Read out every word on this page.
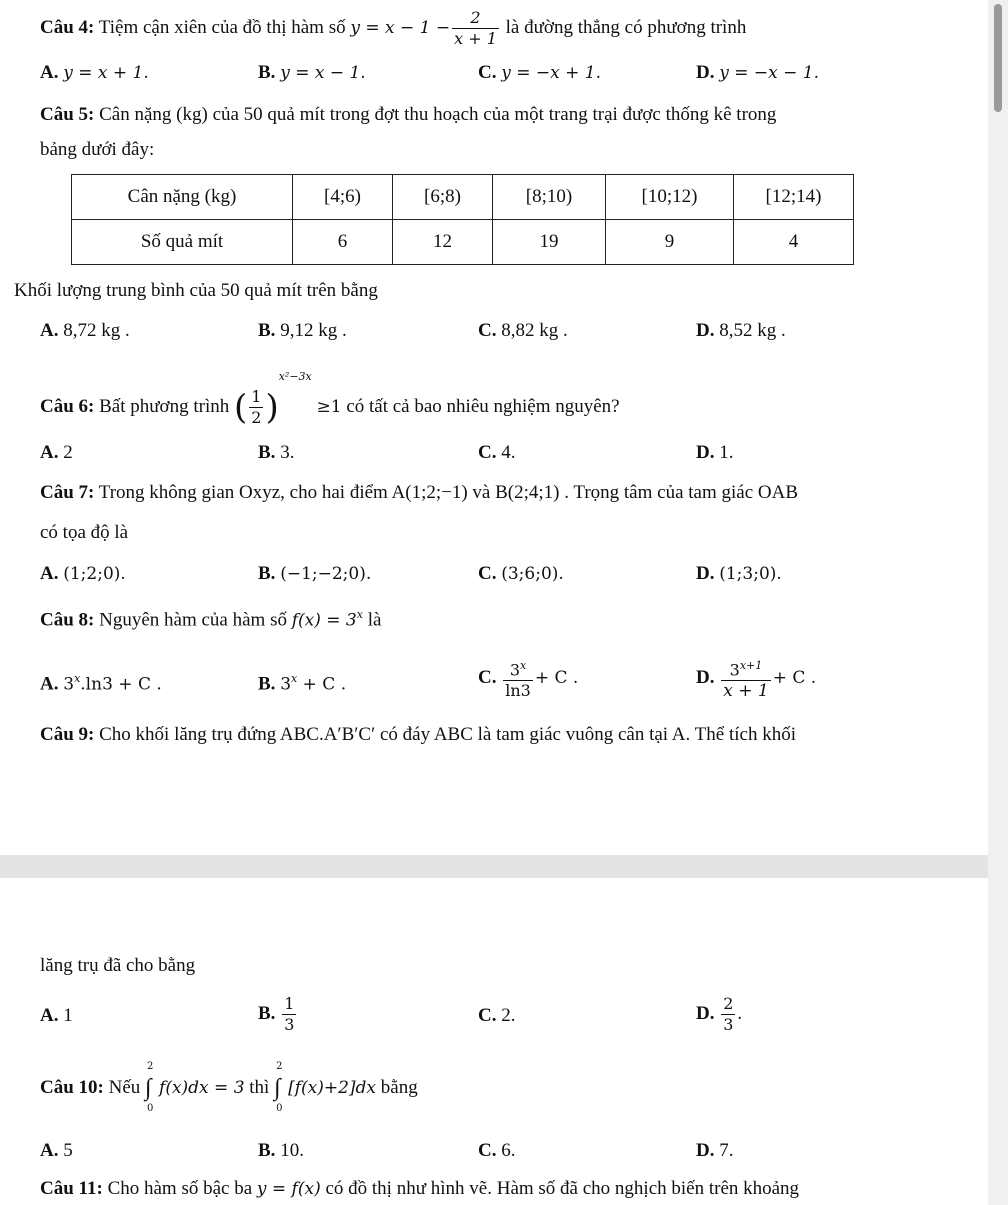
Câu 4: Tiệm cận xiên của đồ thị hàm số $y = x - 1 - \frac{2}{x + 1}$ là đường thẳng có phương trình
A. y = x + 1.	B. y = x − 1.	C. y = −x + 1.	D. y = −x − 1.
Câu 5: Cân nặng (kg) của 50 quả mít trong đợt thu hoạch của một trang trại được thống kê trong
bảng dưới đây:
Cân nặng (kg)	[4;6)	[6;8)	[8;10)	[10;12)	[12;14)
Số quả mít	6	12	19	9	4
Khối lượng trung bình của 50 quả mít trên bằng
A. 8,72 kg .	B. 9,12 kg .	C. 8,82 kg .	D. 8,52 kg .
Câu 6: Bất phương trình ( $\frac{1}{2} )^{x^2-3x} \ge 1$ có tất cả bao nhiêu nghiệm nguyên?
A. 2	B. 3.	C. 4.	D. 1.
Câu 7: Trong không gian Oxyz, cho hai điểm A(1;2;−1) và B(2;4;1) . Trọng tâm của tam giác OAB
có tọa độ là
A. (1;2;0).	B. (−1;−2;0).	C. (3;6;0).	D. (1;3;0).
Câu 8: Nguyên hàm của hàm số $f(x) = 3^x$ là
A. $3^x.\ln 3 + C$ .	B. $3^x + C$ .	C. $\frac{3^x}{\ln 3} + C$ .	D. $\frac{3^{x+1}}{x + 1} + C$ .
Câu 9: Cho khối lăng trụ đứng ABC.A′B′C′ có đáy ABC là tam giác vuông cân tại A. Thể tích khối
lăng trụ đã cho bằng
A. 1	B. $\frac{1}{3}$	C. 2.	D. $\frac{2}{3}$ .
Câu 10: Nếu ∫
2
0
f(x)dx = 3 thì ∫
2
0
[f(x)+2]dx bằng
A. 5	B. 10.	C. 6.	D. 7.
Câu 11: Cho hàm số bậc ba y = f(x) có đồ thị như hình vẽ. Hàm số đã cho nghịch biến trên khoảng
